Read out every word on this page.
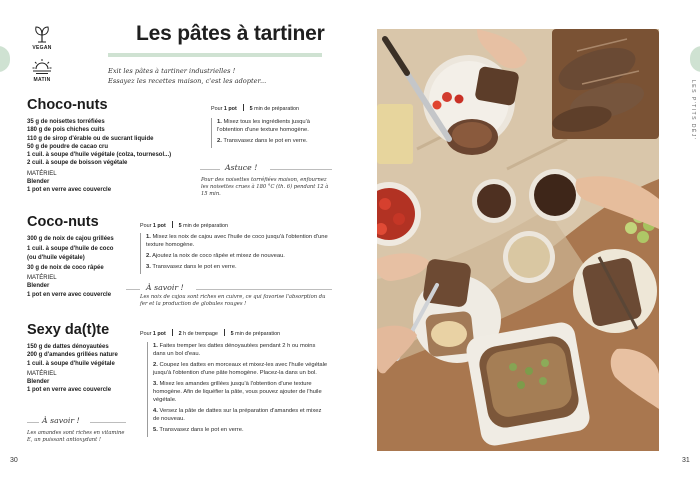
VEGAN
MATIN
Les pâtes à tartiner
Exit les pâtes à tartiner industrielles !
Essayez les recettes maison, c'est les adopter...
Choco-nuts
35 g de noisettes torréfiées
180 g de pois chiches cuits
110 g de sirop d'érable ou de sucrant liquide
50 g de poudre de cacao cru
1 cuil. à soupe d'huile végétale (colza, tournesol...)
2 cuil. à soupe de boisson végétale
MATÉRIEL
Blender
1 pot en verre avec couvercle
Pour 1 pot 5 min de préparation
1. Mixez tous les ingrédients jusqu'à l'obtention d'une texture homogène.
2. Transvasez dans le pot en verre.
Astuce !
Pour des noisettes torréfiées maison, enfournez les noisettes crues à 180 °C (th. 6) pendant 12 à 15 min.
Coco-nuts
300 g de noix de cajou grillées
1 cuil. à soupe d'huile de coco (ou d'huile végétale)
30 g de noix de coco râpée
MATÉRIEL
Blender
1 pot en verre avec couvercle
Pour 1 pot 5 min de préparation
1. Mixez les noix de cajou avec l'huile de coco jusqu'à l'obtention d'une texture homogène.
2. Ajoutez la noix de coco râpée et mixez de nouveau.
3. Transvasez dans le pot en verre.
À savoir !
Les noix de cajou sont riches en cuivre, ce qui favorise l'absorption du fer et la production de globules rouges !
Sexy da(t)te
150 g de dattes dénoyautées
200 g d'amandes grillées nature
1 cuil. à soupe d'huile végétale
MATÉRIEL
Blender
1 pot en verre avec couvercle
À savoir !
Les amandes sont riches en vitamine E, un puissant antioxydant !
Pour 1 pot 2 h de trempage 5 min de préparation
1. Faites tremper les dattes dénoyautées pendant 2 h ou moins dans un bol d'eau.
2. Coupez les dattes en morceaux et mixez-les avec l'huile végétale jusqu'à l'obtention d'une pâte homogène. Placez-la dans un bol.
3. Mixez les amandes grillées jusqu'à l'obtention d'une texture homogène. Afin de liquéfier la pâte, vous pouvez ajouter de l'huile végétale.
4. Versez la pâte de dattes sur la préparation d'amandes et mixez de nouveau.
5. Transvasez dans le pot en verre.
30
LES P'TITS DÉJ'
31
